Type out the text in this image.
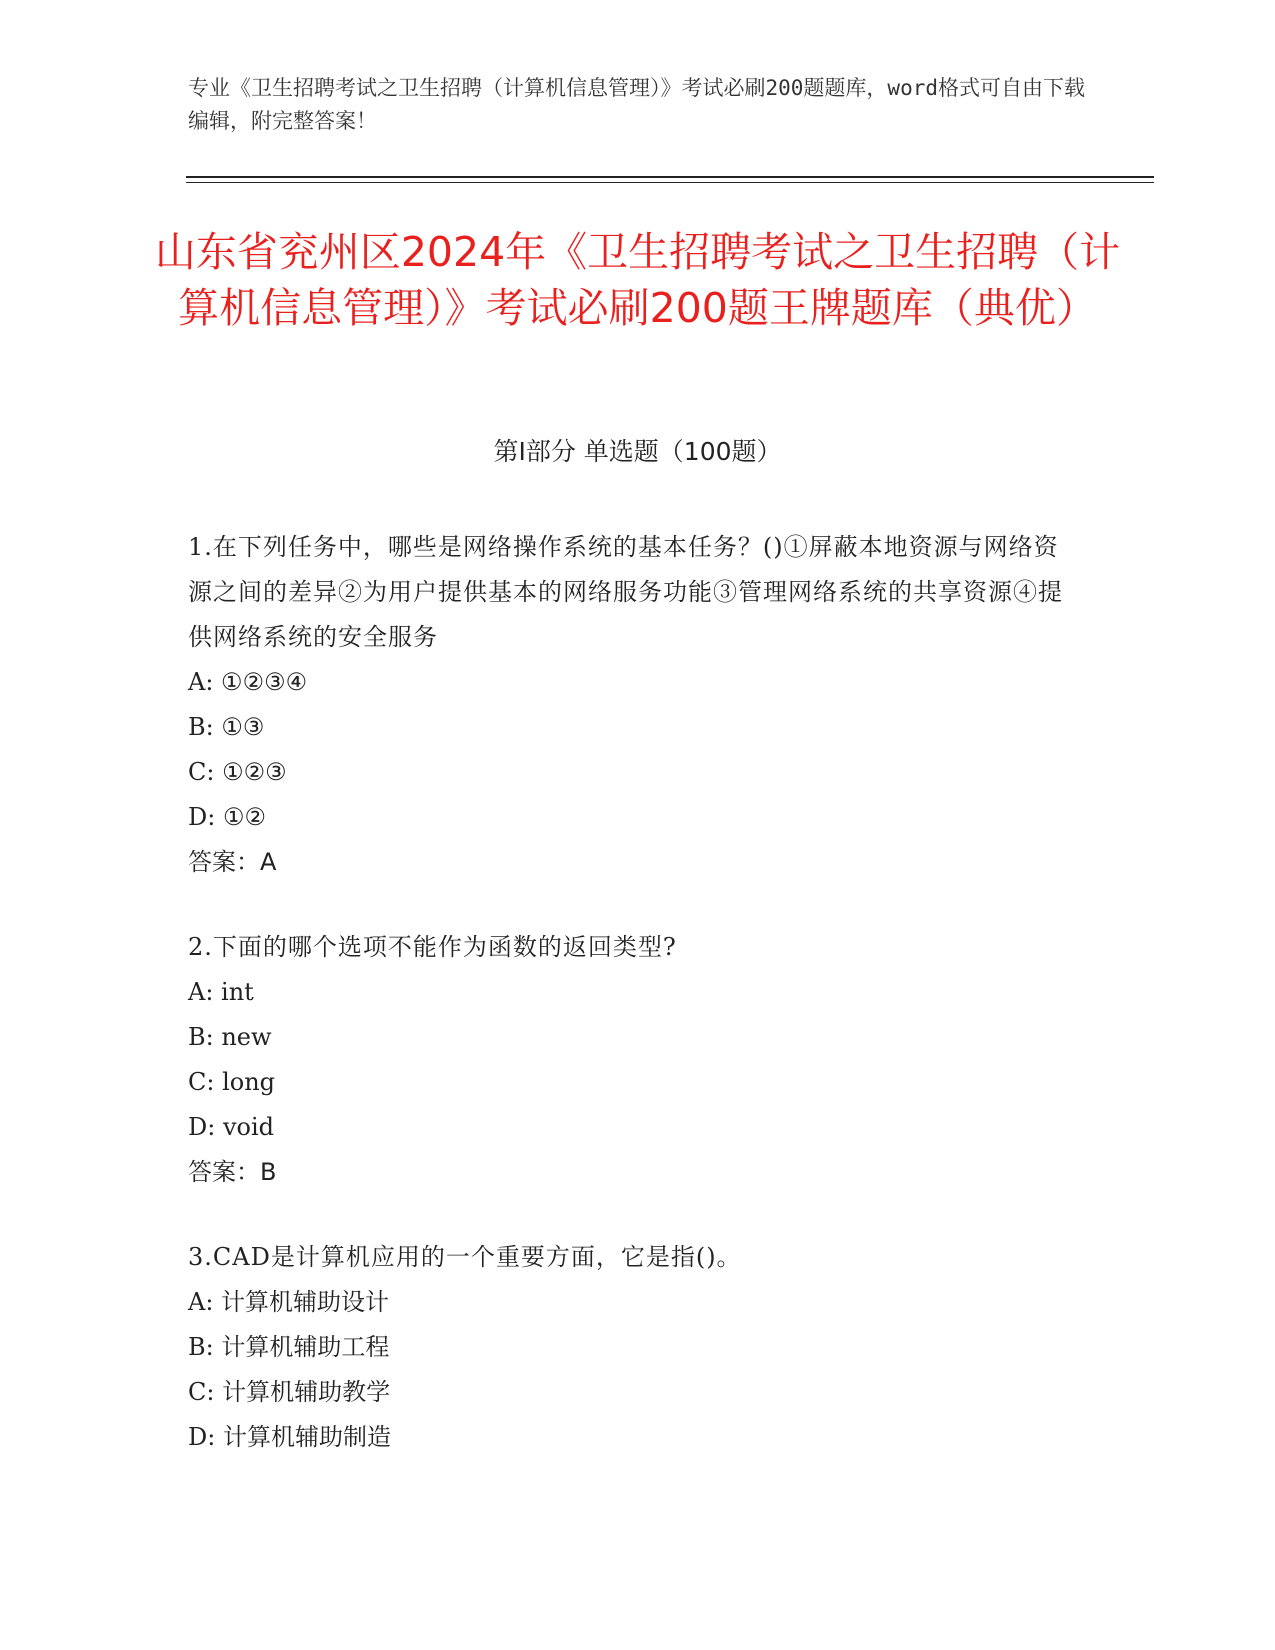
专业《卫生招聘考试之卫生招聘（计算机信息管理）》考试必刷200题题库，word格式可自由下载编辑，附完整答案！
山东省兖州区2024年《卫生招聘考试之卫生招聘（计算机信息管理）》考试必刷200题王牌题库（典优）
第Ⅰ部分 单选题（100题）
1.在下列任务中，哪些是网络操作系统的基本任务？()①屏蔽本地资源与网络资源之间的差异②为用户提供基本的网络服务功能③管理网络系统的共享资源④提供网络系统的安全服务
A: ①②③④
B: ①③
C: ①②③
D: ①②
答案：A
2.下面的哪个选项不能作为函数的返回类型?
A: int
B: new
C: long
D: void
答案：B
3.CAD是计算机应用的一个重要方面，它是指()。
A: 计算机辅助设计
B: 计算机辅助工程
C: 计算机辅助教学
D: 计算机辅助制造
